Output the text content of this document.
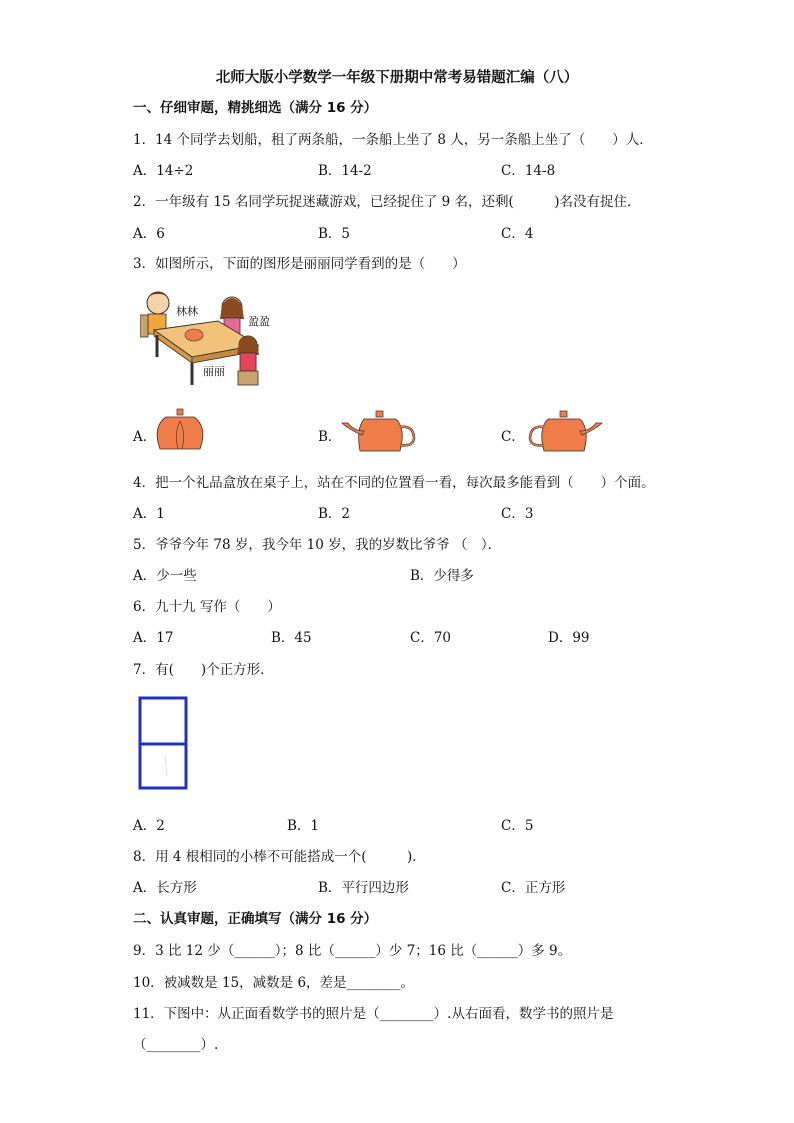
北师大版小学数学一年级下册期中常考易错题汇编（八）
一、仔细审题，精挑细选（满分 16 分）
1．14 个同学去划船，租了两条船，一条船上坐了 8 人，另一条船上坐了（　　）人．
A．14÷2	B．14-2	C．14-8
2．一年级有 15 名同学玩捉迷藏游戏，已经捉住了 9 名，还剩(　　　)名没有捉住．
A．6	B．5	C．4
3．如图所示，下面的图形是丽丽同学看到的是（　　）
林林
盈盈
丽丽
A．	B．	C．
4．把一个礼品盒放在桌子上，站在不同的位置看一看，每次最多能看到（　　）个面。
A．1	B．2	C．3
5．爷爷今年 78 岁，我今年 10 岁，我的岁数比爷爷 （　）．
A．少一些	B．少得多
6．九十九 写作（　　）
A．17	B．45	C．70	D．99
7．有(　　)个正方形．
A．2	B．1	C．5
8．用 4 根相同的小棒不可能搭成一个(　　　)．
A．长方形	B．平行四边形	C．正方形
二、认真审题，正确填写（满分 16 分）
9．3 比 12 少（______）；8 比（______）少 7；16 比（______）多 9。
10．被减数是 15，减数是 6，差是________。
11．下图中：从正面看数学书的照片是（________）.从右面看，数学书的照片是
（________）.
